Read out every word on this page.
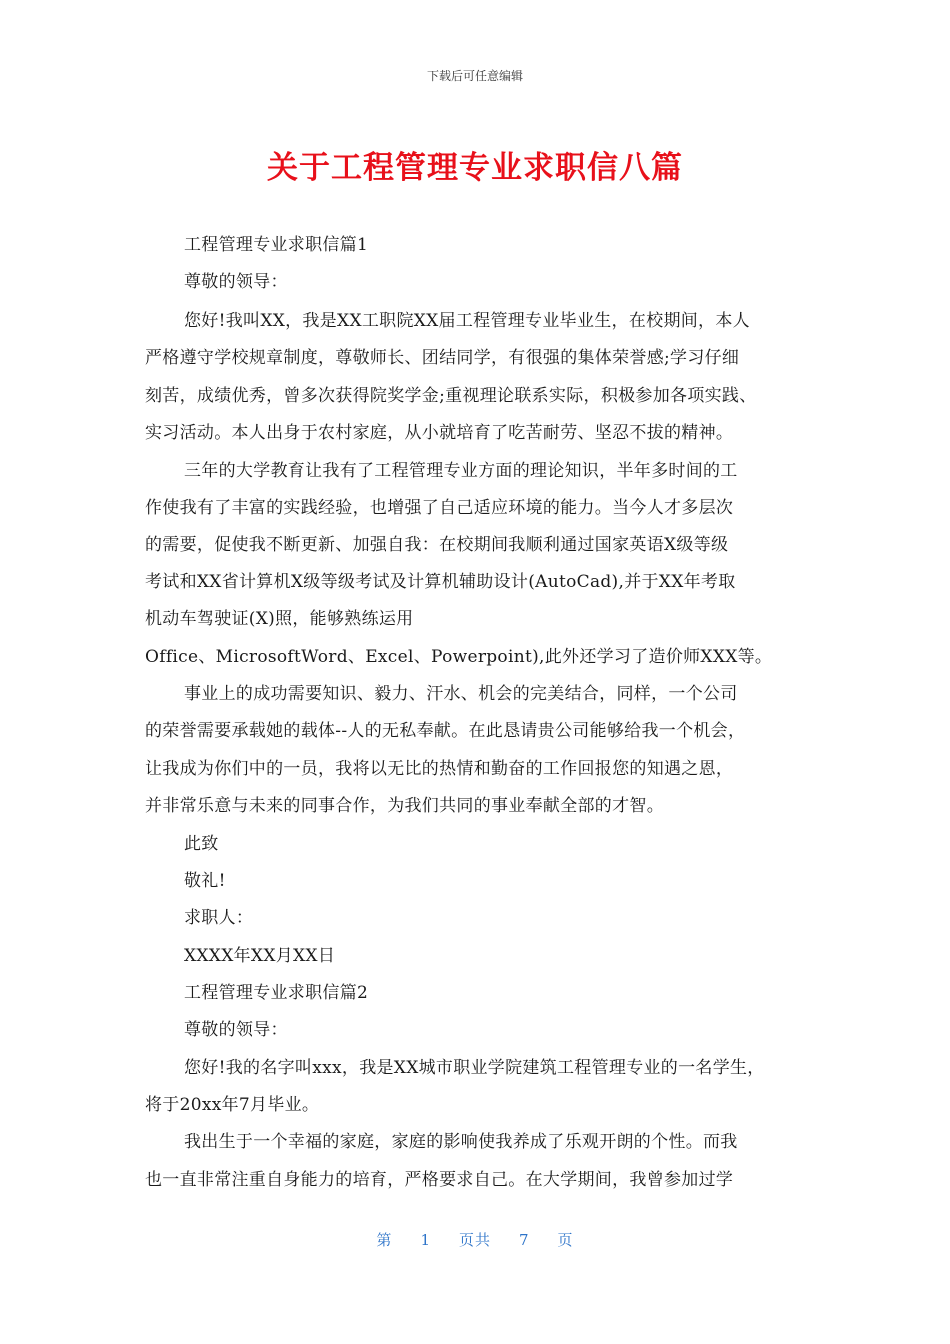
下载后可任意编辑
关于工程管理专业求职信八篇
工程管理专业求职信篇1
尊敬的领导：
您好!我叫XX，我是XX工职院XX届工程管理专业毕业生，在校期间，本人
严格遵守学校规章制度，尊敬师长、团结同学，有很强的集体荣誉感;学习仔细
刻苦，成绩优秀，曾多次获得院奖学金;重视理论联系实际，积极参加各项实践、
实习活动。本人出身于农村家庭，从小就培育了吃苦耐劳、坚忍不拔的精神。
三年的大学教育让我有了工程管理专业方面的理论知识，半年多时间的工
作使我有了丰富的实践经验，也增强了自己适应环境的能力。当今人才多层次
的需要，促使我不断更新、加强自我：在校期间我顺利通过国家英语X级等级
考试和XX省计算机X级等级考试及计算机辅助设计(AutoCad),并于XX年考取
机动车驾驶证(X)照，能够熟练运用
Office、MicrosoftWord、Excel、Powerpoint),此外还学习了造价师XXX等。
事业上的成功需要知识、毅力、汗水、机会的完美结合，同样，一个公司
的荣誉需要承载她的载体--人的无私奉献。在此恳请贵公司能够给我一个机会，
让我成为你们中的一员，我将以无比的热情和勤奋的工作回报您的知遇之恩，
并非常乐意与未来的同事合作，为我们共同的事业奉献全部的才智。
此致
敬礼!
求职人：
XXXX年XX月XX日
工程管理专业求职信篇2
尊敬的领导：
您好!我的名字叫xxx，我是XX城市职业学院建筑工程管理专业的一名学生，
将于20xx年7月毕业。
我出生于一个幸福的家庭，家庭的影响使我养成了乐观开朗的个性。而我
也一直非常注重自身能力的培育，严格要求自己。在大学期间，我曾参加过学
第 1 页共 7 页
